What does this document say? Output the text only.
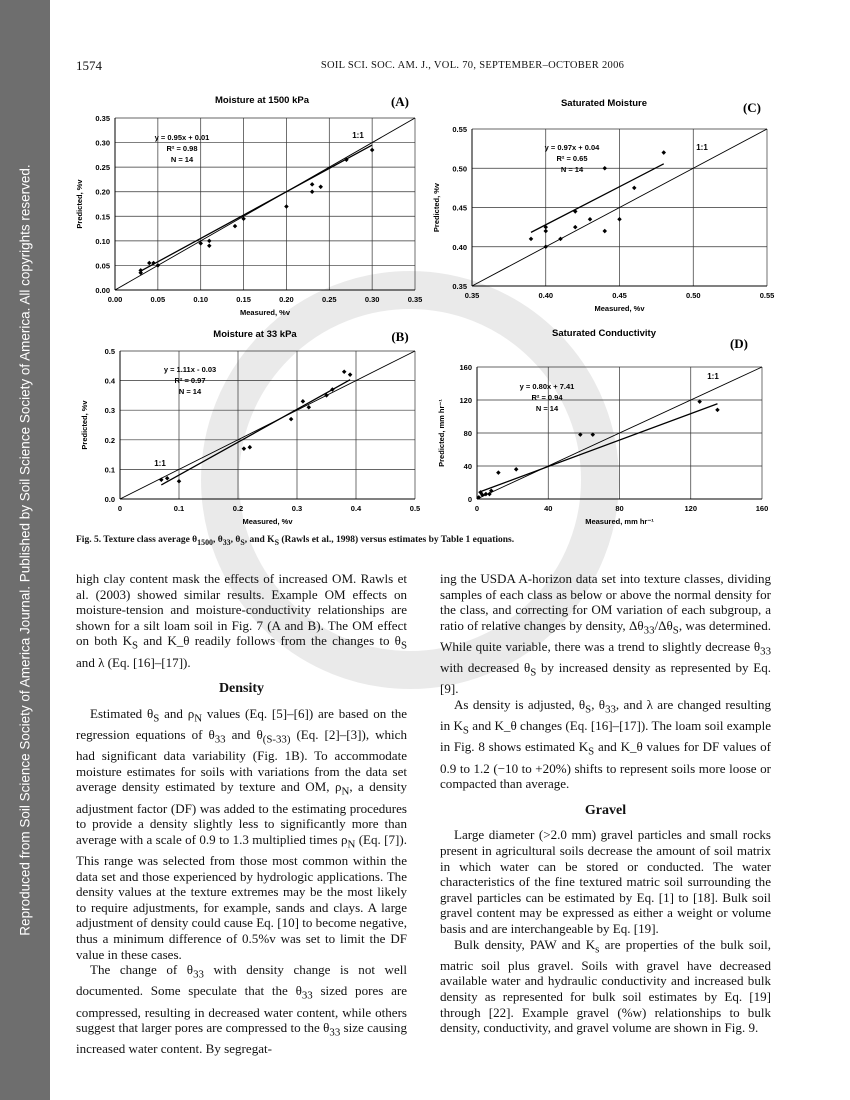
Reproduced from Soil Science Society of America Journal. Published by Soil Science Society of America. All copyrights reserved.
1574	SOIL SCI. SOC. AM. J., VOL. 70, SEPTEMBER–OCTOBER 2006
0.00	0.05	0.10	0.15	0.20	0.25	0.30	0.35
0.00
0.05
0.10
0.15
0.20
0.25
0.30
0.35
Moisture at 1500 kPa	(A)
Measured, %v
Predicted, %v
y = 0.95x + 0.01
R² = 0.98
N = 14
1:1
0.35	0.40	0.45	0.50	0.55
0.35
0.40
0.45
0.50
0.55
Saturated Moisture	(C)
Measured, %v
Predicted, %v
y = 0.97x + 0.04
R² = 0.65
N = 14
1:1
0	0.1	0.2	0.3	0.4	0.5
0.0
0.1
0.2
0.3
0.4
0.5
Moisture at 33 kPa	(B)
Measured, %v
Predicted, %v
y = 1.11x - 0.03
R² = 0.97
N = 14
1:1
0	40	80	120	160
0
40
80
120
160
Saturated Conductivity
(D)
Measured, mm hr⁻¹
Predicted, mm hr⁻¹
y = 0.80x + 7.41
R² = 0.94
N = 14
1:1
Fig. 5. Texture class average $\theta_{1500}$, $\theta_{33}$, $\theta_S$, and $K_S$ (Rawls et al., 1998) versus estimates by Table 1 equations.

high clay content mask the effects of increased OM. Rawls et al. (2003) showed similar results. Example OM effects on moisture-tension and moisture-conductivity relationships are shown for a silt loam soil in Fig. 7 (A and B). The OM effect on both $K_S$ and K_θ readily follows from the changes to $\theta_S$ and λ (Eq. [16]–[17]).

Density

Estimated $\theta_S$ and $\rho_N$ values (Eq. [5]–[6]) are based on the regression equations of $\theta_{33}$ and $\theta_{(S-33)}$ (Eq. [2]–[3]), which had significant data variability (Fig. 1B). To accommodate moisture estimates for soils with variations from the data set average density estimated by texture and OM, $\rho_N$, a density adjustment factor (DF) was added to the estimating procedures to provide a density slightly less to significantly more than average with a scale of 0.9 to 1.3 multiplied times $\rho_N$ (Eq. [7]). This range was selected from those most common within the data set and those experienced by hydrologic applications. The density values at the texture extremes may be the most likely to require adjustments, for example, sands and clays. A large adjustment of density could cause Eq. [10] to become negative, thus a minimum difference of 0.5%v was set to limit the DF value in these cases.

The change of $\theta_{33}$ with density change is not well documented. Some speculate that the $\theta_{33}$ sized pores are compressed, resulting in decreased water content, while others suggest that larger pores are compressed to the $\theta_{33}$ size causing increased water content. By segregat-

ing the USDA A-horizon data set into texture classes, dividing samples of each class as below or above the normal density for the class, and correcting for OM variation of each subgroup, a ratio of relative changes by density, $\Delta\theta_{33}/\Delta\theta_S$, was determined. While quite variable, there was a trend to slightly decrease $\theta_{33}$ with decreased $\theta_S$ by increased density as represented by Eq. [9].

As density is adjusted, $\theta_S$, $\theta_{33}$, and λ are changed resulting in $K_S$ and K_θ changes (Eq. [16]–[17]). The loam soil example in Fig. 8 shows estimated $K_S$ and K_θ values for DF values of 0.9 to 1.2 (−10 to +20%) shifts to represent soils more loose or compacted than average.

Gravel

Large diameter (>2.0 mm) gravel particles and small rocks present in agricultural soils decrease the amount of soil matrix in which water can be stored or conducted. The water characteristics of the fine textured matric soil surrounding the gravel particles can be estimated by Eq. [1] to [18]. Bulk soil gravel content may be expressed as either a weight or volume basis and are interchangeable by Eq. [19].

Bulk density, PAW and $K_s$ are properties of the bulk soil, matric soil plus gravel. Soils with gravel have decreased available water and hydraulic conductivity and increased bulk density as represented for bulk soil estimates by Eq. [19] through [22]. Example gravel (%w) relationships to bulk density, conductivity, and gravel volume are shown in Fig. 9.
